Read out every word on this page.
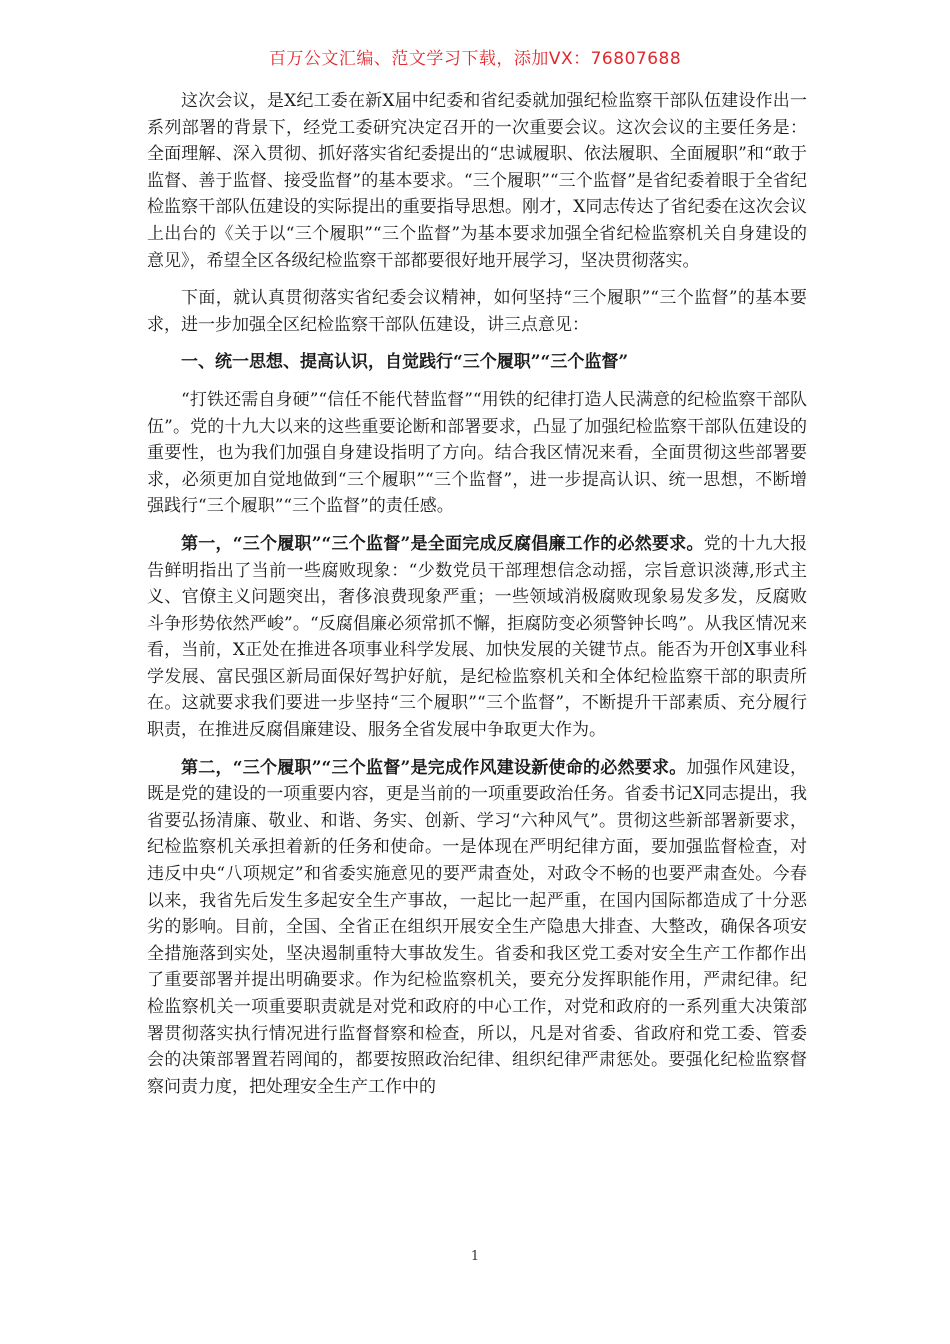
百万公文汇编、范文学习下载，添加VX：76807688

这次会议，是X纪工委在新X届中纪委和省纪委就加强纪检监察干部队伍建设作出一系列部署的背景下，经党工委研究决定召开的一次重要会议。这次会议的主要任务是：全面理解、深入贯彻、抓好落实省纪委提出的“忠诚履职、依法履职、全面履职”和“敢于监督、善于监督、接受监督”的基本要求。“三个履职”“三个监督”是省纪委着眼于全省纪检监察干部队伍建设的实际提出的重要指导思想。刚才，X同志传达了省纪委在这次会议上出台的《关于以“三个履职”“三个监督”为基本要求加强全省纪检监察机关自身建设的意见》，希望全区各级纪检监察干部都要很好地开展学习，坚决贯彻落实。

下面，就认真贯彻落实省纪委会议精神，如何坚持“三个履职”“三个监督”的基本要求，进一步加强全区纪检监察干部队伍建设，讲三点意见：

一、统一思想、提高认识，自觉践行“三个履职”“三个监督”

“打铁还需自身硬”“信任不能代替监督”“用铁的纪律打造人民满意的纪检监察干部队伍”。党的十九大以来的这些重要论断和部署要求，凸显了加强纪检监察干部队伍建设的重要性，也为我们加强自身建设指明了方向。结合我区情况来看，全面贯彻这些部署要求，必须更加自觉地做到“三个履职”“三个监督”，进一步提高认识、统一思想，不断增强践行“三个履职”“三个监督”的责任感。

第一，“三个履职”“三个监督”是全面完成反腐倡廉工作的必然要求。党的十九大报告鲜明指出了当前一些腐败现象：“少数党员干部理想信念动摇，宗旨意识淡薄,形式主义、官僚主义问题突出，奢侈浪费现象严重；一些领域消极腐败现象易发多发，反腐败斗争形势依然严峻”。“反腐倡廉必须常抓不懈，拒腐防变必须警钟长鸣”。从我区情况来看，当前，X正处在推进各项事业科学发展、加快发展的关键节点。能否为开创X事业科学发展、富民强区新局面保好驾护好航，是纪检监察机关和全体纪检监察干部的职责所在。这就要求我们要进一步坚持“三个履职”“三个监督”，不断提升干部素质、充分履行职责，在推进反腐倡廉建设、服务全省发展中争取更大作为。

第二，“三个履职”“三个监督”是完成作风建设新使命的必然要求。加强作风建设，既是党的建设的一项重要内容，更是当前的一项重要政治任务。省委书记X同志提出，我省要弘扬清廉、敬业、和谐、务实、创新、学习“六种风气”。贯彻这些新部署新要求，纪检监察机关承担着新的任务和使命。一是体现在严明纪律方面，要加强监督检查，对违反中央“八项规定”和省委实施意见的要严肃查处，对政令不畅的也要严肃查处。今春以来，我省先后发生多起安全生产事故，一起比一起严重，在国内国际都造成了十分恶劣的影响。目前，全国、全省正在组织开展安全生产隐患大排查、大整改，确保各项安全措施落到实处，坚决遏制重特大事故发生。省委和我区党工委对安全生产工作都作出了重要部署并提出明确要求。作为纪检监察机关，要充分发挥职能作用，严肃纪律。纪检监察机关一项重要职责就是对党和政府的中心工作，对党和政府的一系列重大决策部署贯彻落实执行情况进行监督督察和检查，所以，凡是对省委、省政府和党工委、管委会的决策部署置若罔闻的，都要按照政治纪律、组织纪律严肃惩处。要强化纪检监察督察问责力度，把处理安全生产工作中的

1
